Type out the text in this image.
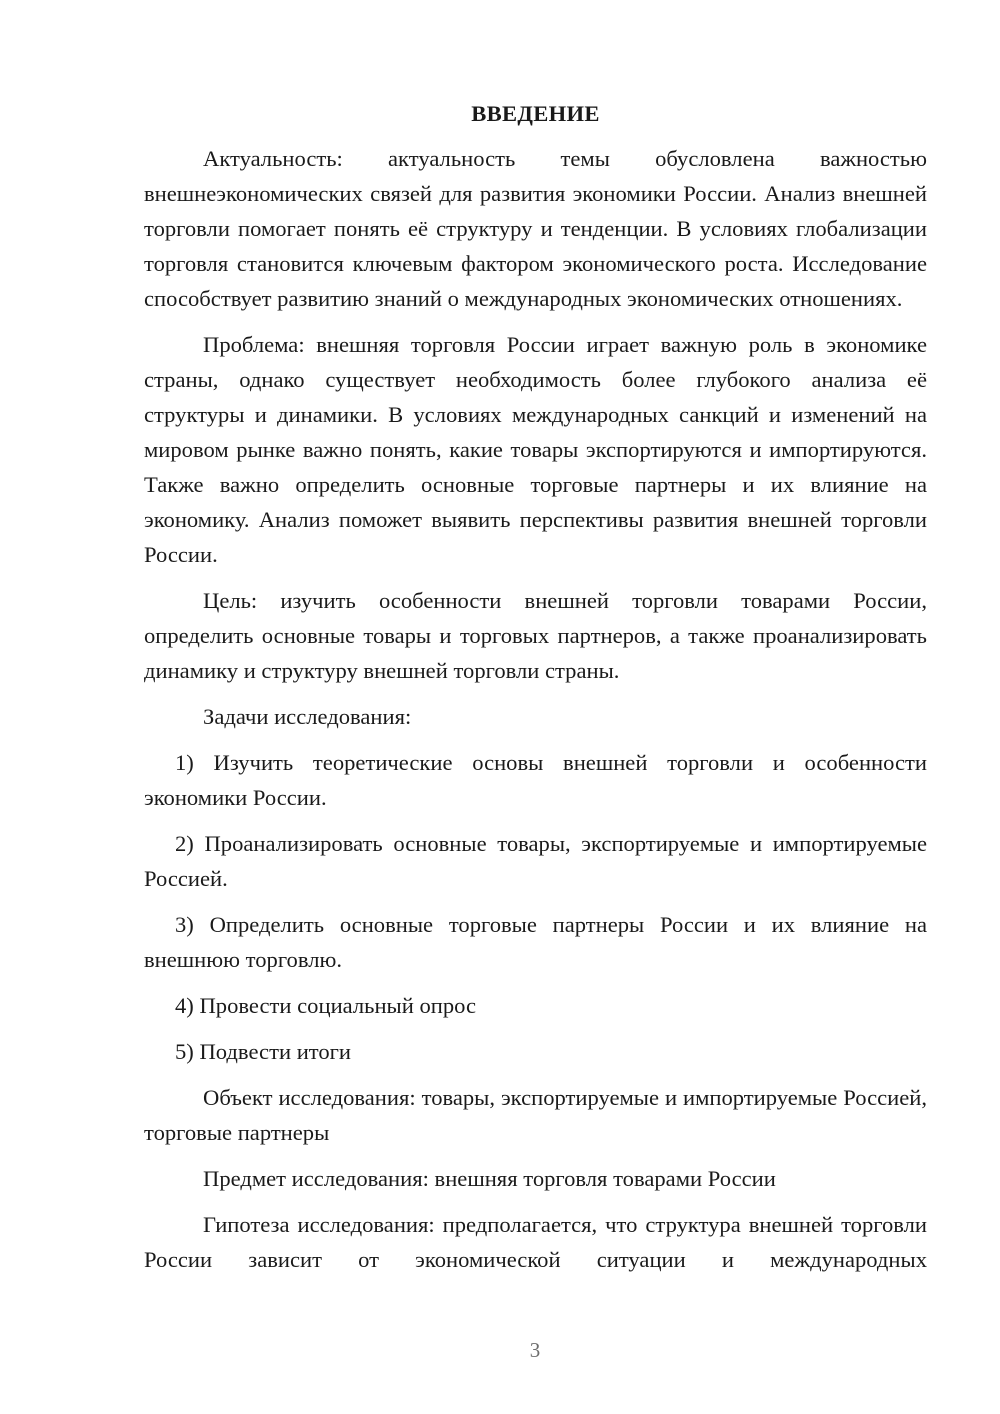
ВВЕДЕНИЕ

Актуальность: актуальность темы обусловлена важностью внешнеэкономических связей для развития экономики России. Анализ внешней торговли помогает понять её структуру и тенденции. В условиях глобализации торговля становится ключевым фактором экономического роста. Исследование способствует развитию знаний о международных экономических отношениях.

Проблема: внешняя торговля России играет важную роль в экономике страны, однако существует необходимость более глубокого анализа её структуры и динамики. В условиях международных санкций и изменений на мировом рынке важно понять, какие товары экспортируются и импортируются. Также важно определить основные торговые партнеры и их влияние на экономику. Анализ поможет выявить перспективы развития внешней торговли России.

Цель: изучить особенности внешней торговли товарами России, определить основные товары и торговых партнеров, а также проанализировать динамику и структуру внешней торговли страны.

Задачи исследования:

1) Изучить теоретические основы внешней торговли и особенности экономики России.

2) Проанализировать основные товары, экспортируемые и импортируемые Россией.

3) Определить основные торговые партнеры России и их влияние на внешнюю торговлю.

4) Провести социальный опрос

5) Подвести итоги

Объект исследования: товары, экспортируемые и импортируемые Россией, торговые партнеры

Предмет исследования: внешняя торговля товарами России

Гипотеза исследования: предполагается, что структура внешней торговли России зависит от экономической ситуации и международных

3
